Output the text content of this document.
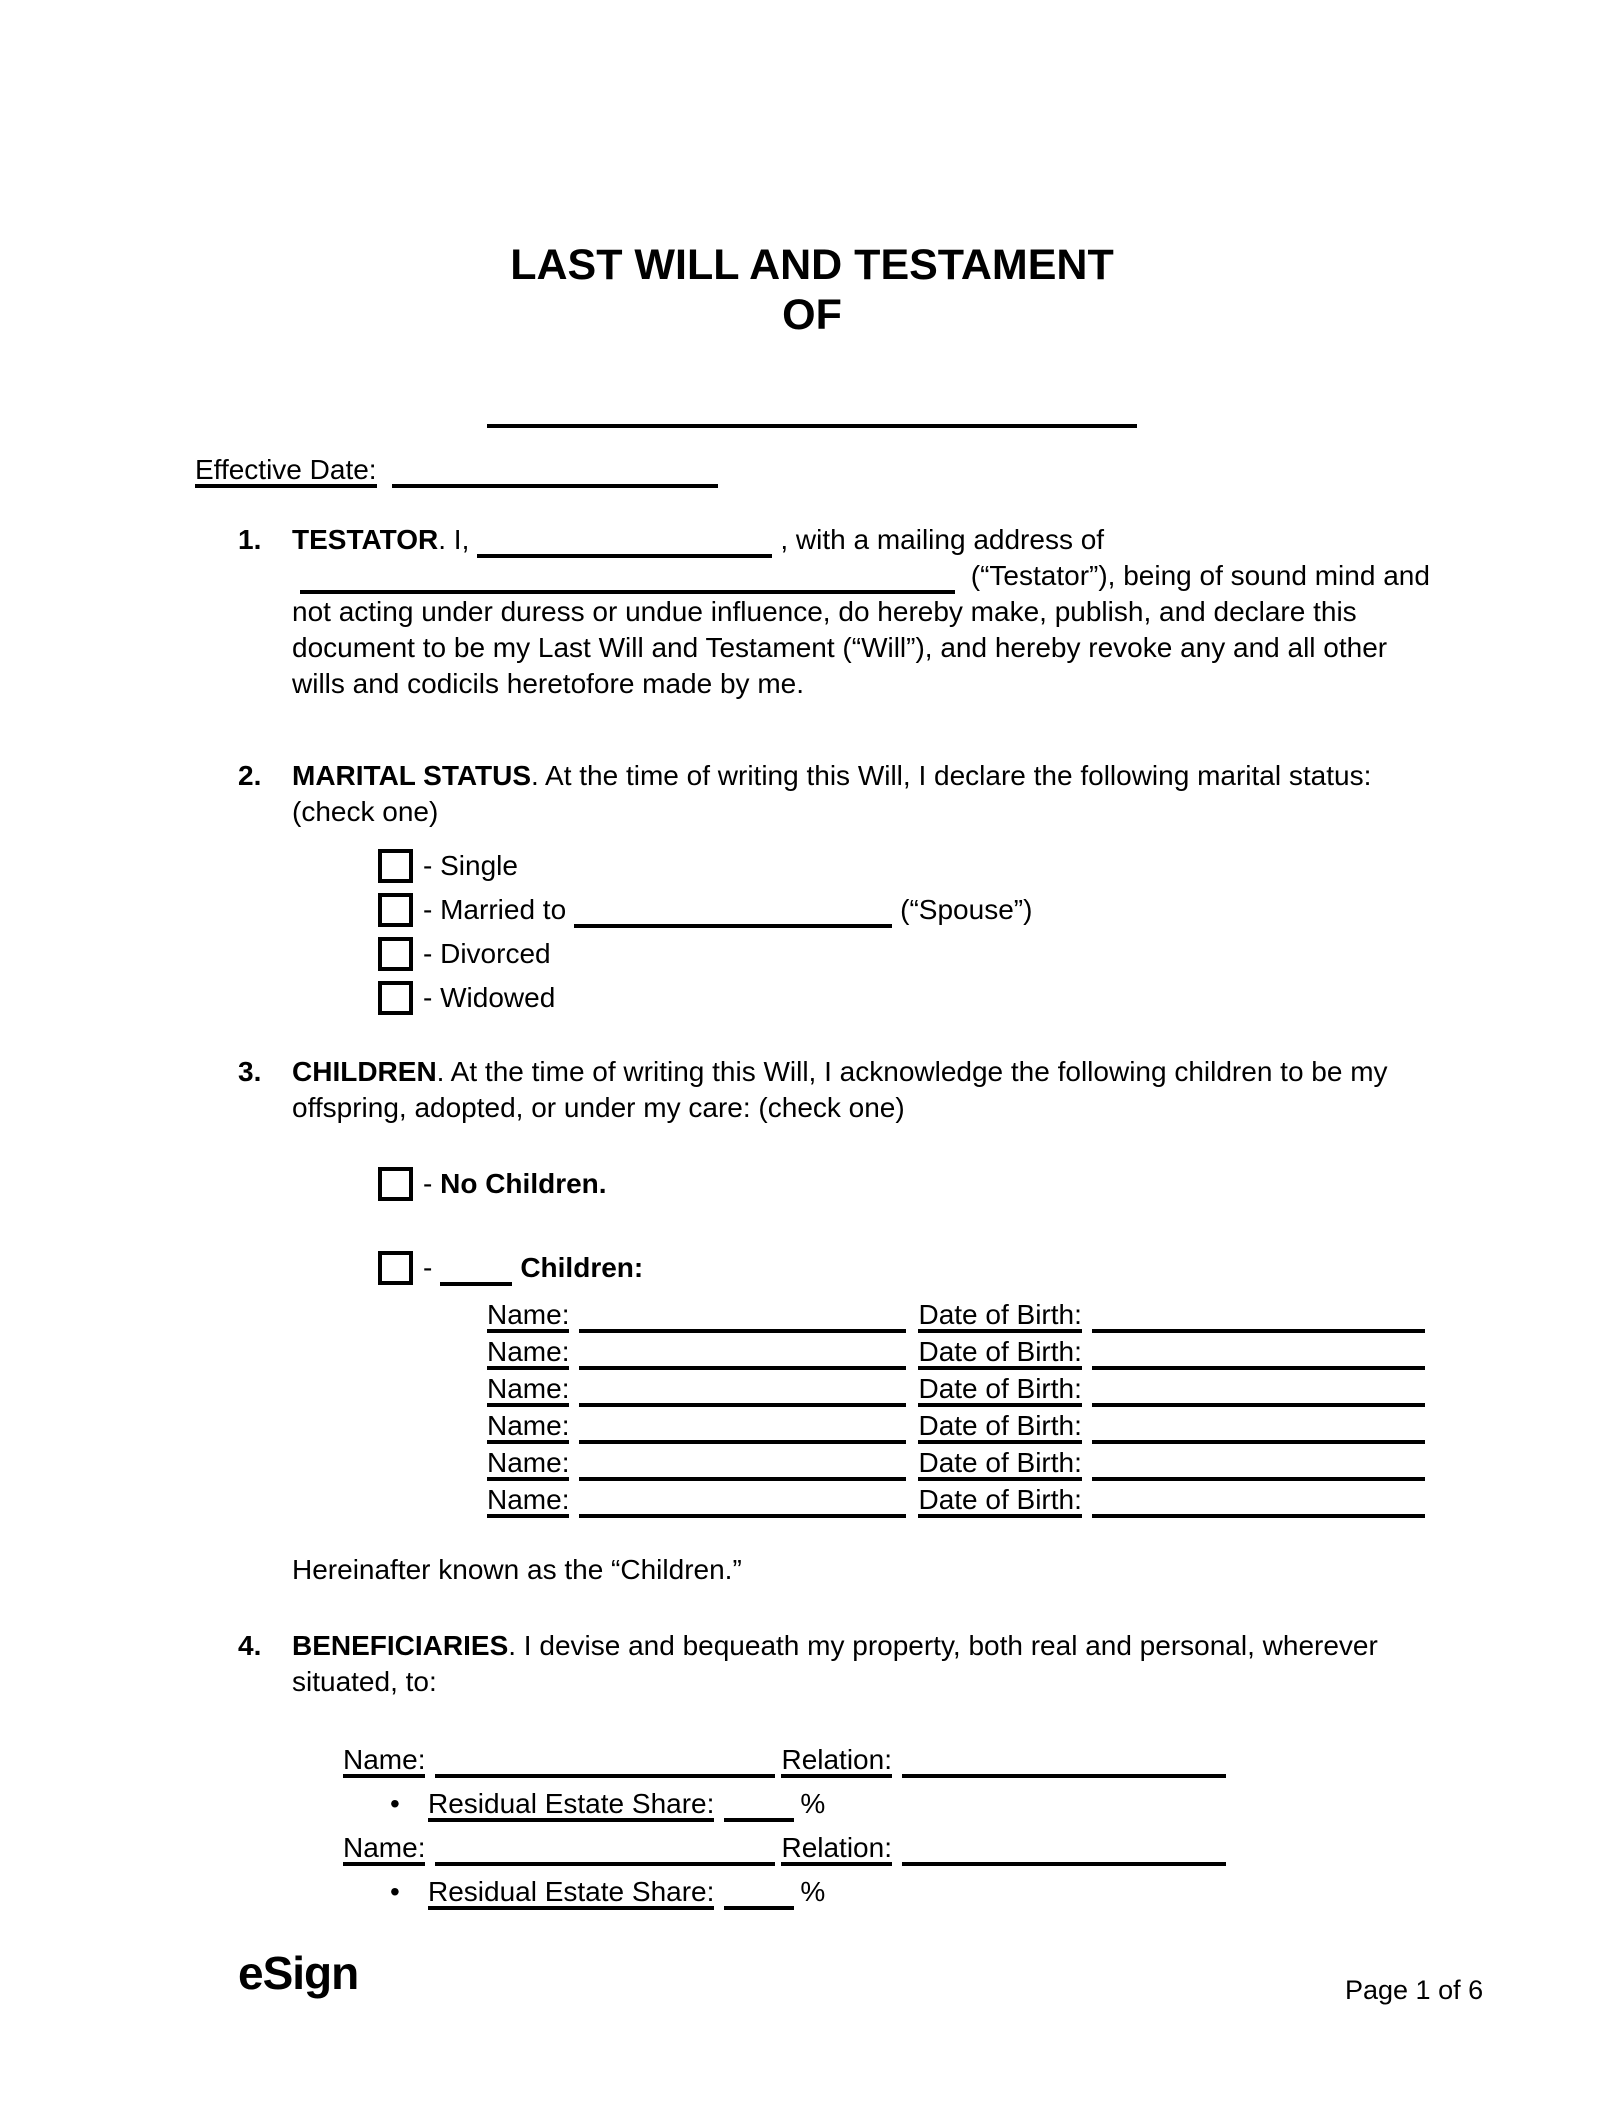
LAST WILL AND TESTAMENT
OF

Effective Date:

1. TESTATOR. I,	, with a mailing address of  (“Testator”), being of sound mind and not acting under duress or undue influence, do hereby make, publish, and declare this document to be my Last Will and Testament (“Will”), and hereby revoke any and all other wills and codicils heretofore made by me.
2. MARITAL STATUS. At the time of writing this Will, I declare the following marital status: (check one)
- Single
- Married to	(“Spouse”)
- Divorced
- Widowed
3. CHILDREN. At the time of writing this Will, I acknowledge the following children to be my offspring, adopted, or under my care: (check one)
- No Children.
-	Children:
Name:	Date of Birth:
Name:	Date of Birth:
Name:	Date of Birth:
Name:	Date of Birth:
Name:	Date of Birth:
Name:	Date of Birth:
Hereinafter known as the “Children.”
4. BENEFICIARIES. I devise and bequeath my property, both real and personal, wherever situated, to:
Name:	Relation:
• Residual Estate Share:	%
Name:	Relation:
• Residual Estate Share:	%
eSign	Page 1 of 6
